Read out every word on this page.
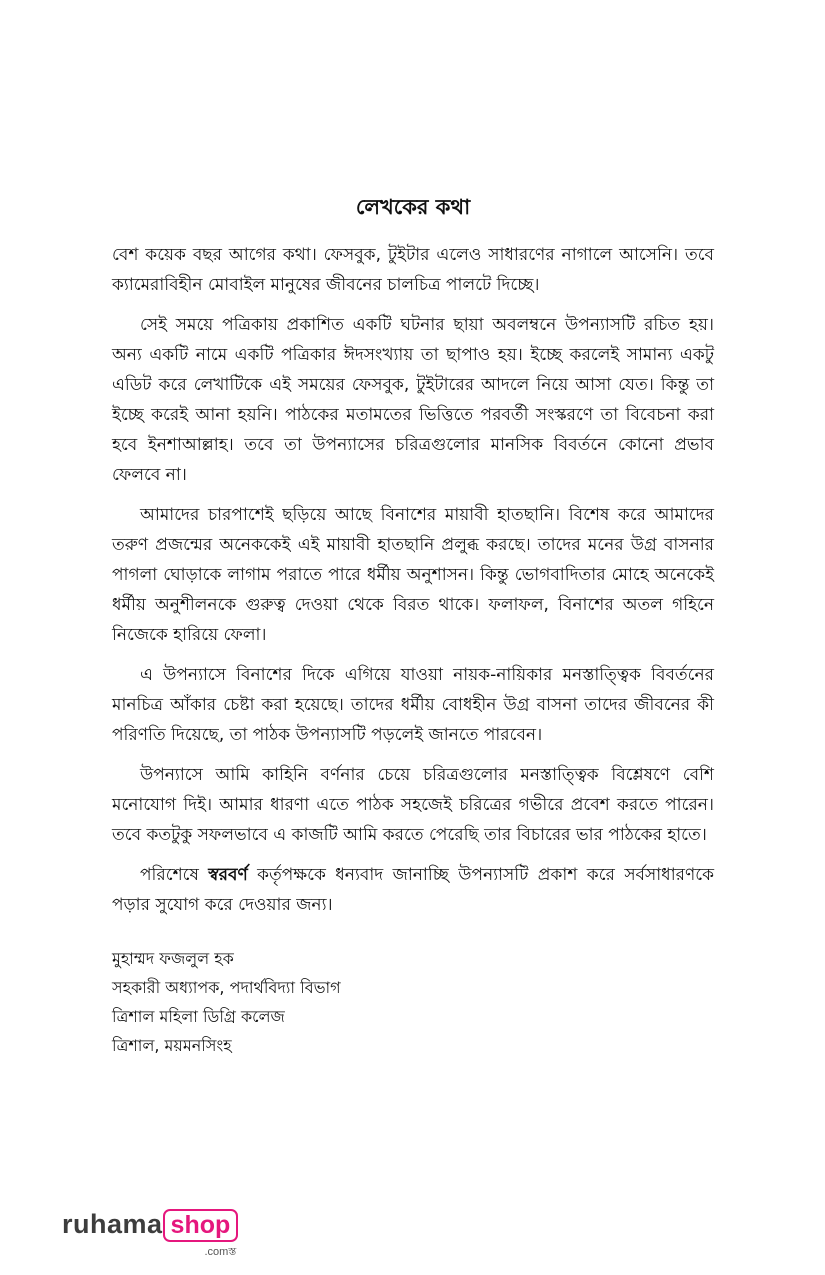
লেখকের কথা

বেশ কয়েক বছর আগের কথা। ফেসবুক, টুইটার এলেও সাধারণের নাগালে আসেনি। তবে ক্যামেরাবিহীন মোবাইল মানুষের জীবনের চালচিত্র পালটে দিচ্ছে।

সেই সময়ে পত্রিকায় প্রকাশিত একটি ঘটনার ছায়া অবলম্বনে উপন্যাসটি রচিত হয়। অন্য একটি নামে একটি পত্রিকার ঈদসংখ্যায় তা ছাপাও হয়। ইচ্ছে করলেই সামান্য একটু এডিট করে লেখাটিকে এই সময়ের ফেসবুক, টুইটারের আদলে নিয়ে আসা যেত। কিন্তু তা ইচ্ছে করেই আনা হয়নি। পাঠকের মতামতের ভিত্তিতে পরবর্তী সংস্করণে তা বিবেচনা করা হবে ইনশাআল্লাহ। তবে তা উপন্যাসের চরিত্রগুলোর মানসিক বিবর্তনে কোনো প্রভাব ফেলবে না।

আমাদের চারপাশেই ছড়িয়ে আছে বিনাশের মায়াবী হাতছানি। বিশেষ করে আমাদের তরুণ প্রজন্মের অনেককেই এই মায়াবী হাতছানি প্রলুব্ধ করছে। তাদের মনের উগ্র বাসনার পাগলা ঘোড়াকে লাগাম পরাতে পারে ধর্মীয় অনুশাসন। কিন্তু ভোগবাদিতার মোহে অনেকেই ধর্মীয় অনুশীলনকে গুরুত্ব দেওয়া থেকে বিরত থাকে। ফলাফল, বিনাশের অতল গহিনে নিজেকে হারিয়ে ফেলা।

এ উপন্যাসে বিনাশের দিকে এগিয়ে যাওয়া নায়ক-নায়িকার মনস্তাত্ত্বিক বিবর্তনের মানচিত্র আঁকার চেষ্টা করা হয়েছে। তাদের ধর্মীয় বোধহীন উগ্র বাসনা তাদের জীবনের কী পরিণতি দিয়েছে, তা পাঠক উপন্যাসটি পড়লেই জানতে পারবেন।

উপন্যাসে আমি কাহিনি বর্ণনার চেয়ে চরিত্রগুলোর মনস্তাত্ত্বিক বিশ্লেষণে বেশি মনোযোগ দিই। আমার ধারণা এতে পাঠক সহজেই চরিত্রের গভীরে প্রবেশ করতে পারেন। তবে কতটুকু সফলভাবে এ কাজটি আমি করতে পেরেছি তার বিচারের ভার পাঠকের হাতে।

পরিশেষে স্বরবর্ণ কর্তৃপক্ষকে ধন্যবাদ জানাচ্ছি উপন্যাসটি প্রকাশ করে সর্বসাধারণকে পড়ার সুযোগ করে দেওয়ার জন্য।

মুহাম্মদ ফজলুল হক
সহকারী অধ্যাপক, পদার্থবিদ্যা বিভাগ
ত্রিশাল মহিলা ডিগ্রি কলেজ
ত্রিশাল, ময়মনসিংহ
ruhama shop
.comস্ত
